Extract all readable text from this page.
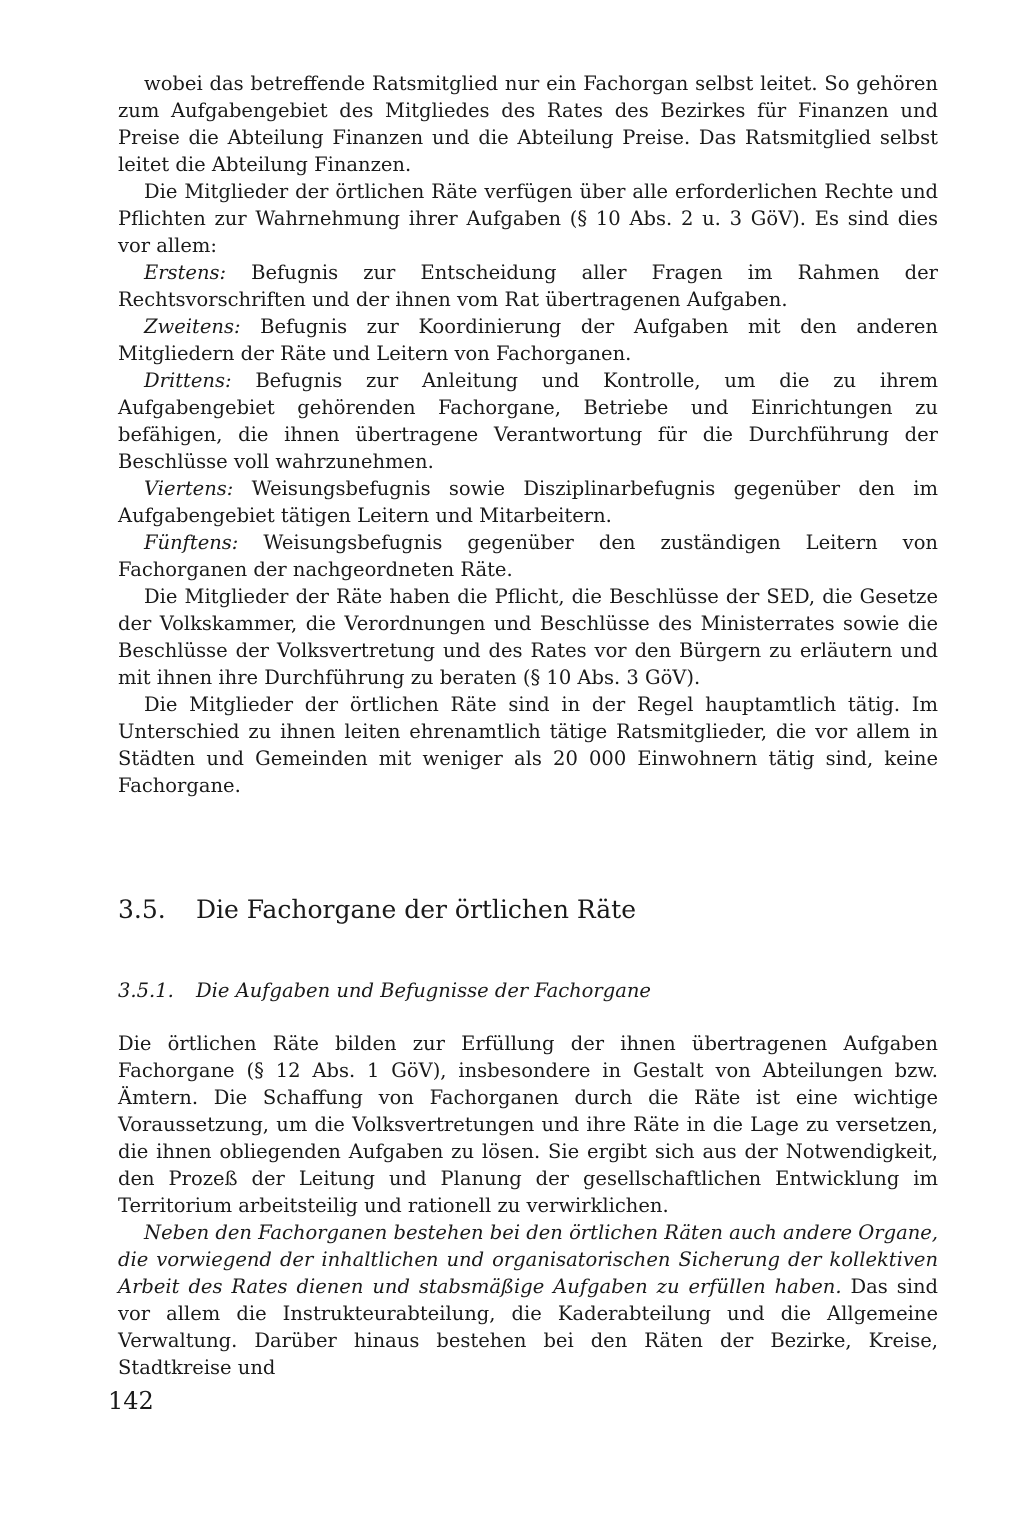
wobei das betreffende Ratsmitglied nur ein Fachorgan selbst leitet. So gehören zum Aufgabengebiet des Mitgliedes des Rates des Bezirkes für Finanzen und Preise die Abteilung Finanzen und die Abteilung Preise. Das Ratsmitglied selbst leitet die Abteilung Finanzen.

Die Mitglieder der örtlichen Räte verfügen über alle erforderlichen Rechte und Pflichten zur Wahrnehmung ihrer Aufgaben (§ 10 Abs. 2 u. 3 GöV). Es sind dies vor allem:

Erstens: Befugnis zur Entscheidung aller Fragen im Rahmen der Rechtsvorschriften und der ihnen vom Rat übertragenen Aufgaben.

Zweitens: Befugnis zur Koordinierung der Aufgaben mit den anderen Mitgliedern der Räte und Leitern von Fachorganen.

Drittens: Befugnis zur Anleitung und Kontrolle, um die zu ihrem Aufgabengebiet gehörenden Fachorgane, Betriebe und Einrichtungen zu befähigen, die ihnen übertragene Verantwortung für die Durchführung der Beschlüsse voll wahrzunehmen.

Viertens: Weisungsbefugnis sowie Disziplinarbefugnis gegenüber den im Aufgabengebiet tätigen Leitern und Mitarbeitern.

Fünftens: Weisungsbefugnis gegenüber den zuständigen Leitern von Fachorganen der nachgeordneten Räte.

Die Mitglieder der Räte haben die Pflicht, die Beschlüsse der SED, die Gesetze der Volkskammer, die Verordnungen und Beschlüsse des Ministerrates sowie die Beschlüsse der Volksvertretung und des Rates vor den Bürgern zu erläutern und mit ihnen ihre Durchführung zu beraten (§ 10 Abs. 3 GöV).

Die Mitglieder der örtlichen Räte sind in der Regel hauptamtlich tätig. Im Unterschied zu ihnen leiten ehrenamtlich tätige Ratsmitglieder, die vor allem in Städten und Gemeinden mit weniger als 20 000 Einwohnern tätig sind, keine Fachorgane.

3.5. Die Fachorgane der örtlichen Räte
3.5.1. Die Aufgaben und Befugnisse der Fachorgane

Die örtlichen Räte bilden zur Erfüllung der ihnen übertragenen Aufgaben Fachorgane (§ 12 Abs. 1 GöV), insbesondere in Gestalt von Abteilungen bzw. Ämtern. Die Schaffung von Fachorganen durch die Räte ist eine wichtige Voraussetzung, um die Volksvertretungen und ihre Räte in die Lage zu versetzen, die ihnen obliegenden Aufgaben zu lösen. Sie ergibt sich aus der Notwendigkeit, den Prozeß der Leitung und Planung der gesellschaftlichen Entwicklung im Territorium arbeitsteilig und rationell zu verwirklichen.

Neben den Fachorganen bestehen bei den örtlichen Räten auch andere Organe, die vorwiegend der inhaltlichen und organisatorischen Sicherung der kollektiven Arbeit des Rates dienen und stabsmäßige Aufgaben zu erfüllen haben. Das sind vor allem die Instrukteurabteilung, die Kaderabteilung und die Allgemeine Verwaltung. Darüber hinaus bestehen bei den Räten der Bezirke, Kreise, Stadtkreise und

142
